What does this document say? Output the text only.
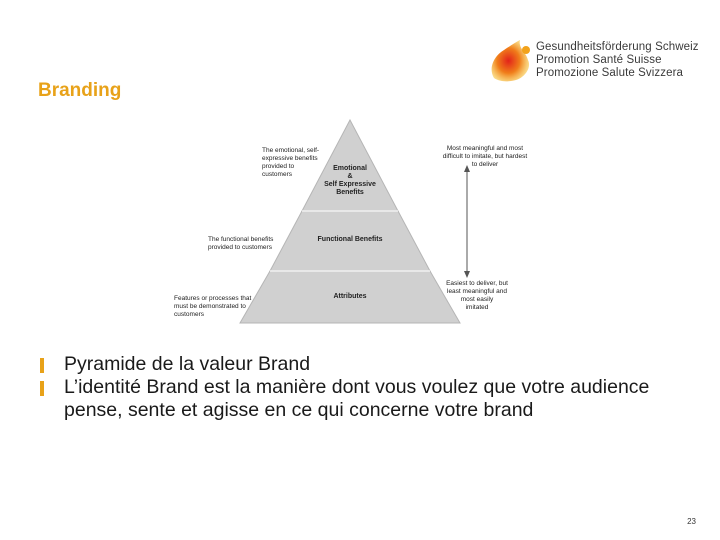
Gesundheitsförderung Schweiz
Promotion Santé Suisse
Promozione Salute Svizzera
Branding
Emotional
&
Self Expressive
Benefits
Functional Benefits
Attributes
The emotional, self-
expressive benefits
provided to
customers
The functional benefits
provided to customers
Features or processes that
must be demonstrated to
customers
Most meaningful and most
difficult to imitate, but hardest
to deliver
Easiest to deliver, but
least meaningful and
most easily
imitated
Pyramide de la valeur Brand
L’identité Brand est la manière dont vous voulez que votre audience pense, sente et agisse en ce qui concerne votre brand
23
